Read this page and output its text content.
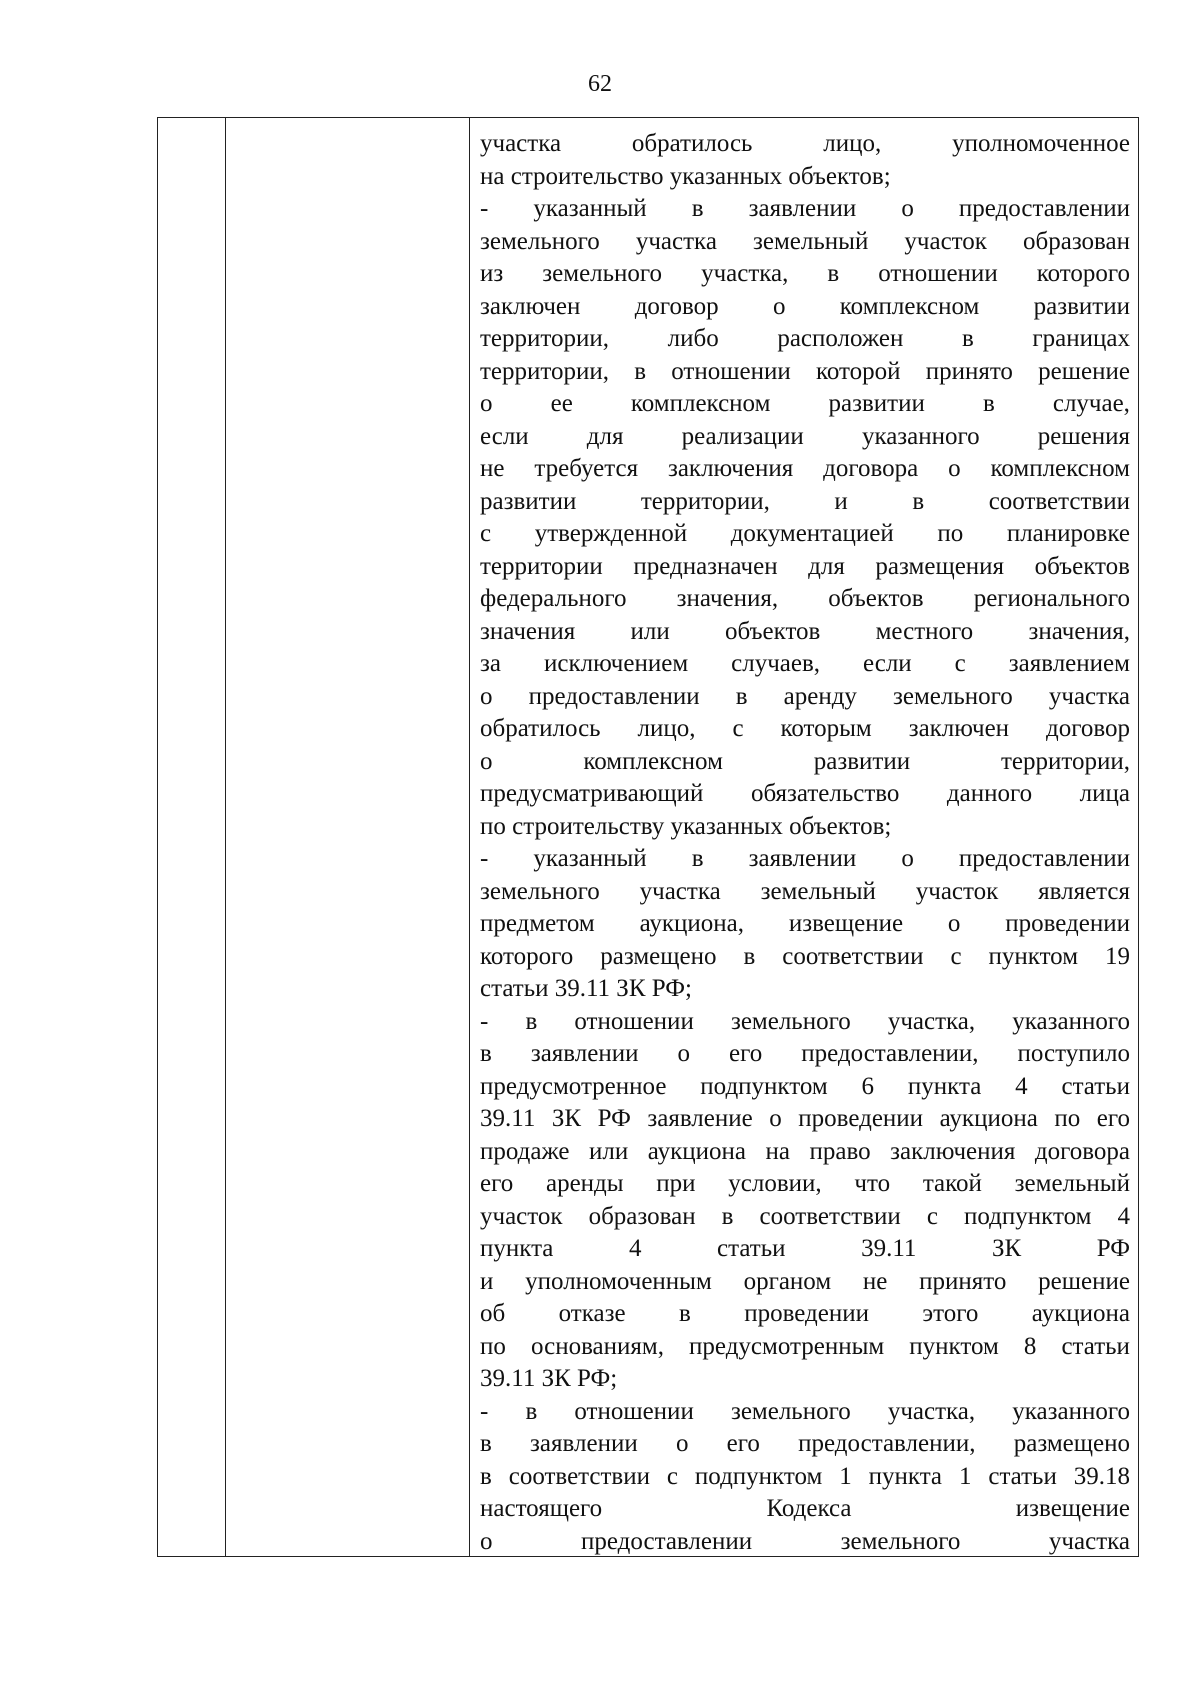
62
участка	обратилось	лицо,	уполномоченное
на строительство указанных объектов;
- указанный в заявлении о предоставлении
земельного участка земельный участок образован
из земельного участка, в отношении которого
заключен договор о комплексном развитии
территории, либо расположен в границах
территории, в отношении которой принято решение
о ее комплексном развитии в случае,
если для реализации указанного решения
не требуется заключения договора о комплексном
развитии	территории,	и	в	соответствии
с утвержденной документацией по планировке
территории предназначен для размещения объектов
федерального значения, объектов регионального
значения или объектов местного значения,
за исключением случаев, если с заявлением
о предоставлении в аренду земельного участка
обратилось лицо, с которым заключен договор
о	комплексном	развитии	территории,
предусматривающий обязательство данного лица
по строительству указанных объектов;
- указанный в заявлении о предоставлении
земельного участка земельный участок является
предметом аукциона, извещение о проведении
которого размещено в соответствии с пунктом 19
статьи 39.11 ЗК РФ;
- в отношении земельного участка, указанного
в заявлении о его предоставлении, поступило
предусмотренное подпунктом 6 пункта 4 статьи
39.11 ЗК РФ заявление о проведении аукциона по его
продаже или аукциона на право заключения договора
его аренды при условии, что такой земельный
участок образован в соответствии с подпунктом 4
пункта	4	статьи	39.11	ЗК	РФ
и уполномоченным органом не принято решение
об отказе в проведении этого аукциона
по основаниям, предусмотренным пунктом 8 статьи
39.11 ЗК РФ;
- в отношении земельного участка, указанного
в заявлении о его предоставлении, размещено
в соответствии с подпунктом 1 пункта 1 статьи 39.18
настоящего	Кодекса	извещение
о	предоставлении	земельного	участка
